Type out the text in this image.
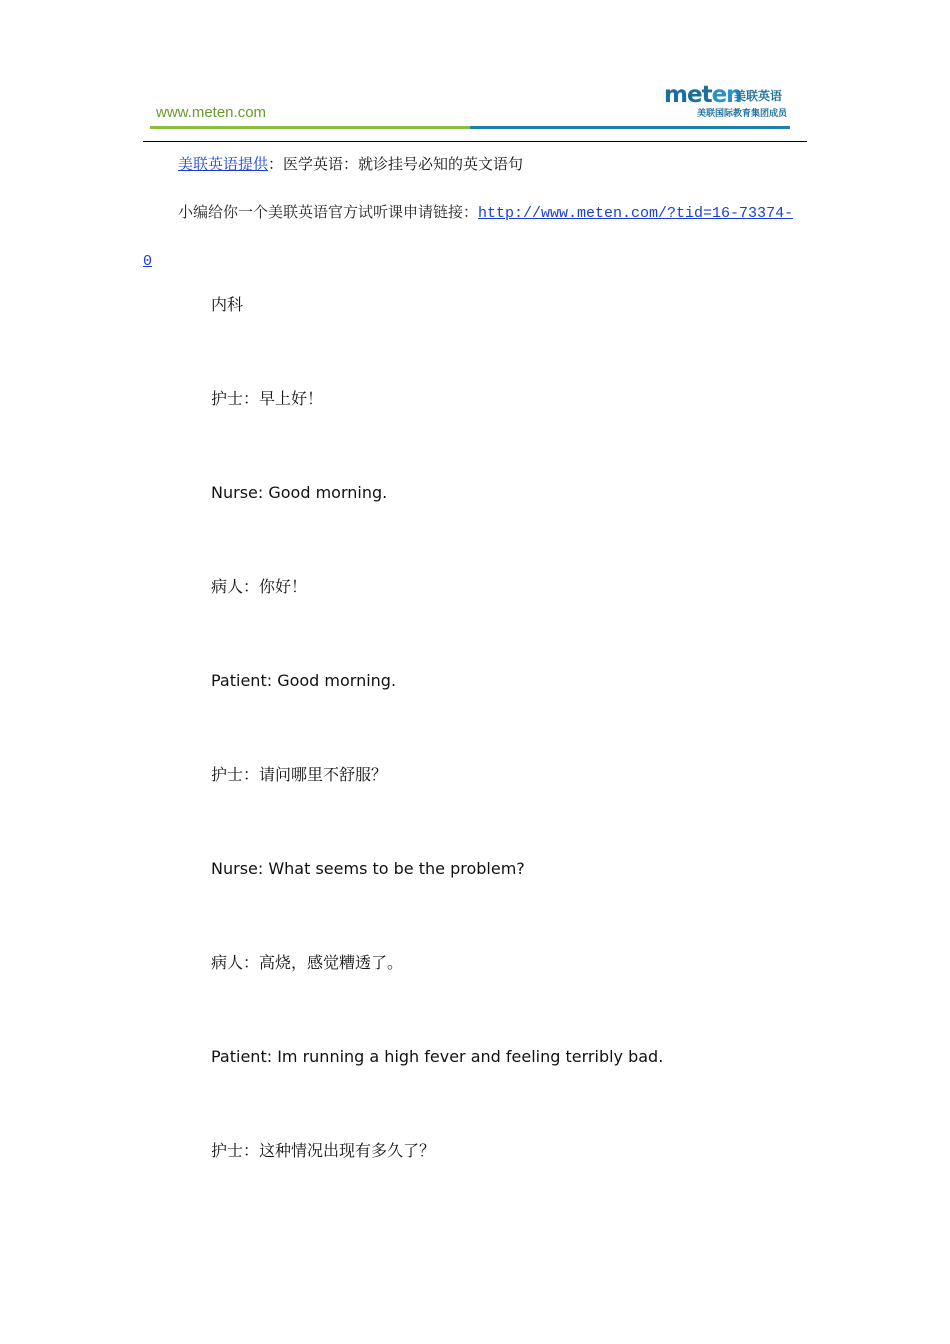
www.meten.com
meten
美联英语
美联国际教育集团成员
美联英语提供：医学英语：就诊挂号必知的英文语句
小编给你一个美联英语官方试听课申请链接：http://www.meten.com/?tid=16-73374-
0
内科
护士：早上好！
Nurse: Good morning.
病人：你好！
Patient: Good morning.
护士：请问哪里不舒服？
Nurse: What seems to be the problem?
病人：高烧，感觉糟透了。
Patient: Im running a high fever and feeling terribly bad.
护士：这种情况出现有多久了？
